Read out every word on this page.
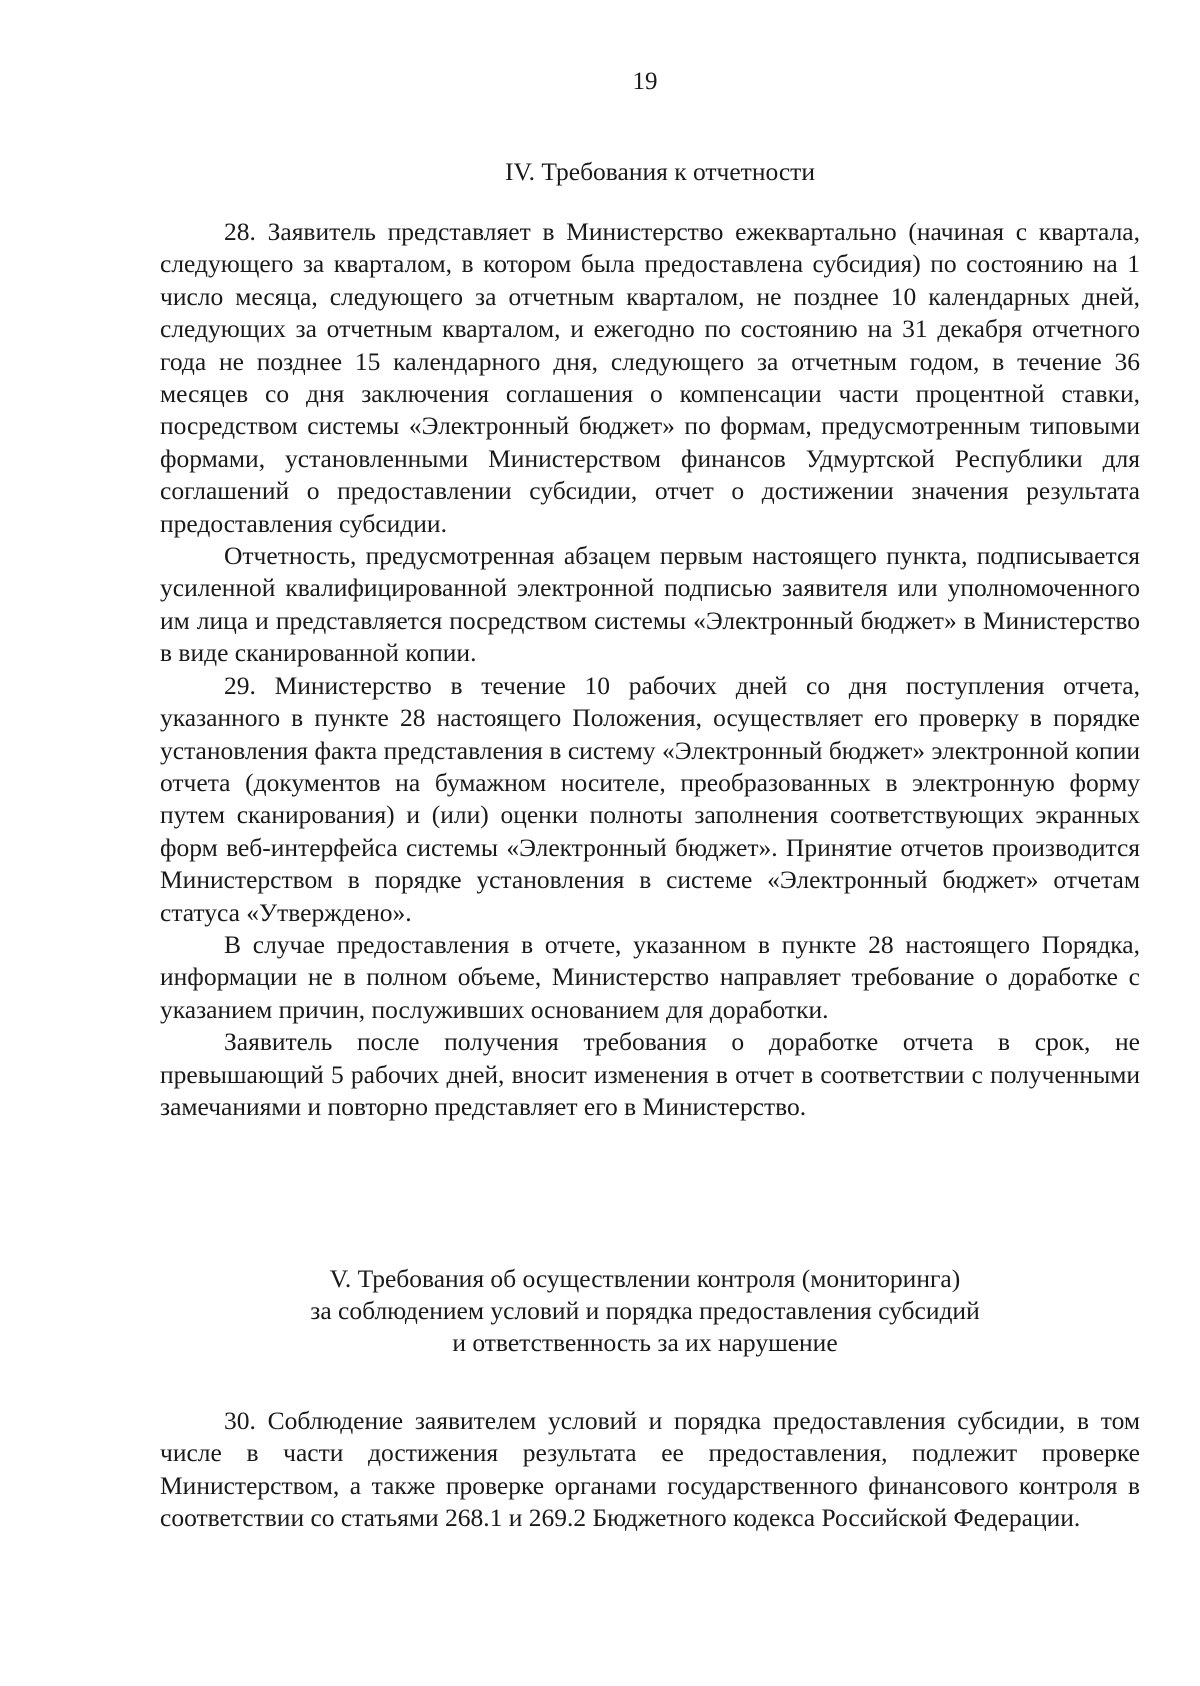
19
IV. Требования к отчетности

28. Заявитель представляет в Министерство ежеквартально (начиная с квартала, следующего за кварталом, в котором была предоставлена субсидия) по состоянию на 1 число месяца, следующего за отчетным кварталом, не позднее 10 календарных дней, следующих за отчетным кварталом, и ежегодно по состоянию на 31 декабря отчетного года не позднее 15 календарного дня, следующего за отчетным годом, в течение 36 месяцев со дня заключения соглашения о компенсации части процентной ставки, посредством системы «Электронный бюджет» по формам, предусмотренным типовыми формами, установленными Министерством финансов Удмуртской Республики для соглашений о предоставлении субсидии, отчет о достижении значения результата предоставления субсидии.

Отчетность, предусмотренная абзацем первым настоящего пункта, подписывается усиленной квалифицированной электронной подписью заявителя или уполномоченного им лица и представляется посредством системы «Электронный бюджет» в Министерство в виде сканированной копии.

29. Министерство в течение 10 рабочих дней со дня поступления отчета, указанного в пункте 28 настоящего Положения, осуществляет его проверку в порядке установления факта представления в систему «Электронный бюджет» электронной копии отчета (документов на бумажном носителе, преобразованных в электронную форму путем сканирования) и (или) оценки полноты заполнения соответствующих экранных форм веб-интерфейса системы «Электронный бюджет». Принятие отчетов производится Министерством в порядке установления в системе «Электронный бюджет» отчетам статуса «Утверждено».

В случае предоставления в отчете, указанном в пункте 28 настоящего Порядка, информации не в полном объеме, Министерство направляет требование о доработке с указанием причин, послуживших основанием для доработки.

Заявитель после получения требования о доработке отчета в срок, не превышающий 5 рабочих дней, вносит изменения в отчет в соответствии с полученными замечаниями и повторно представляет его в Министерство.

V. Требования об осуществлении контроля (мониторинга)
за соблюдением условий и порядка предоставления субсидий
и ответственность за их нарушение

30. Соблюдение заявителем условий и порядка предоставления субсидии, в том числе в части достижения результата ее предоставления, подлежит проверке Министерством, а также проверке органами государственного финансового контроля в соответствии со статьями 268.1 и 269.2 Бюджетного кодекса Российской Федерации.
